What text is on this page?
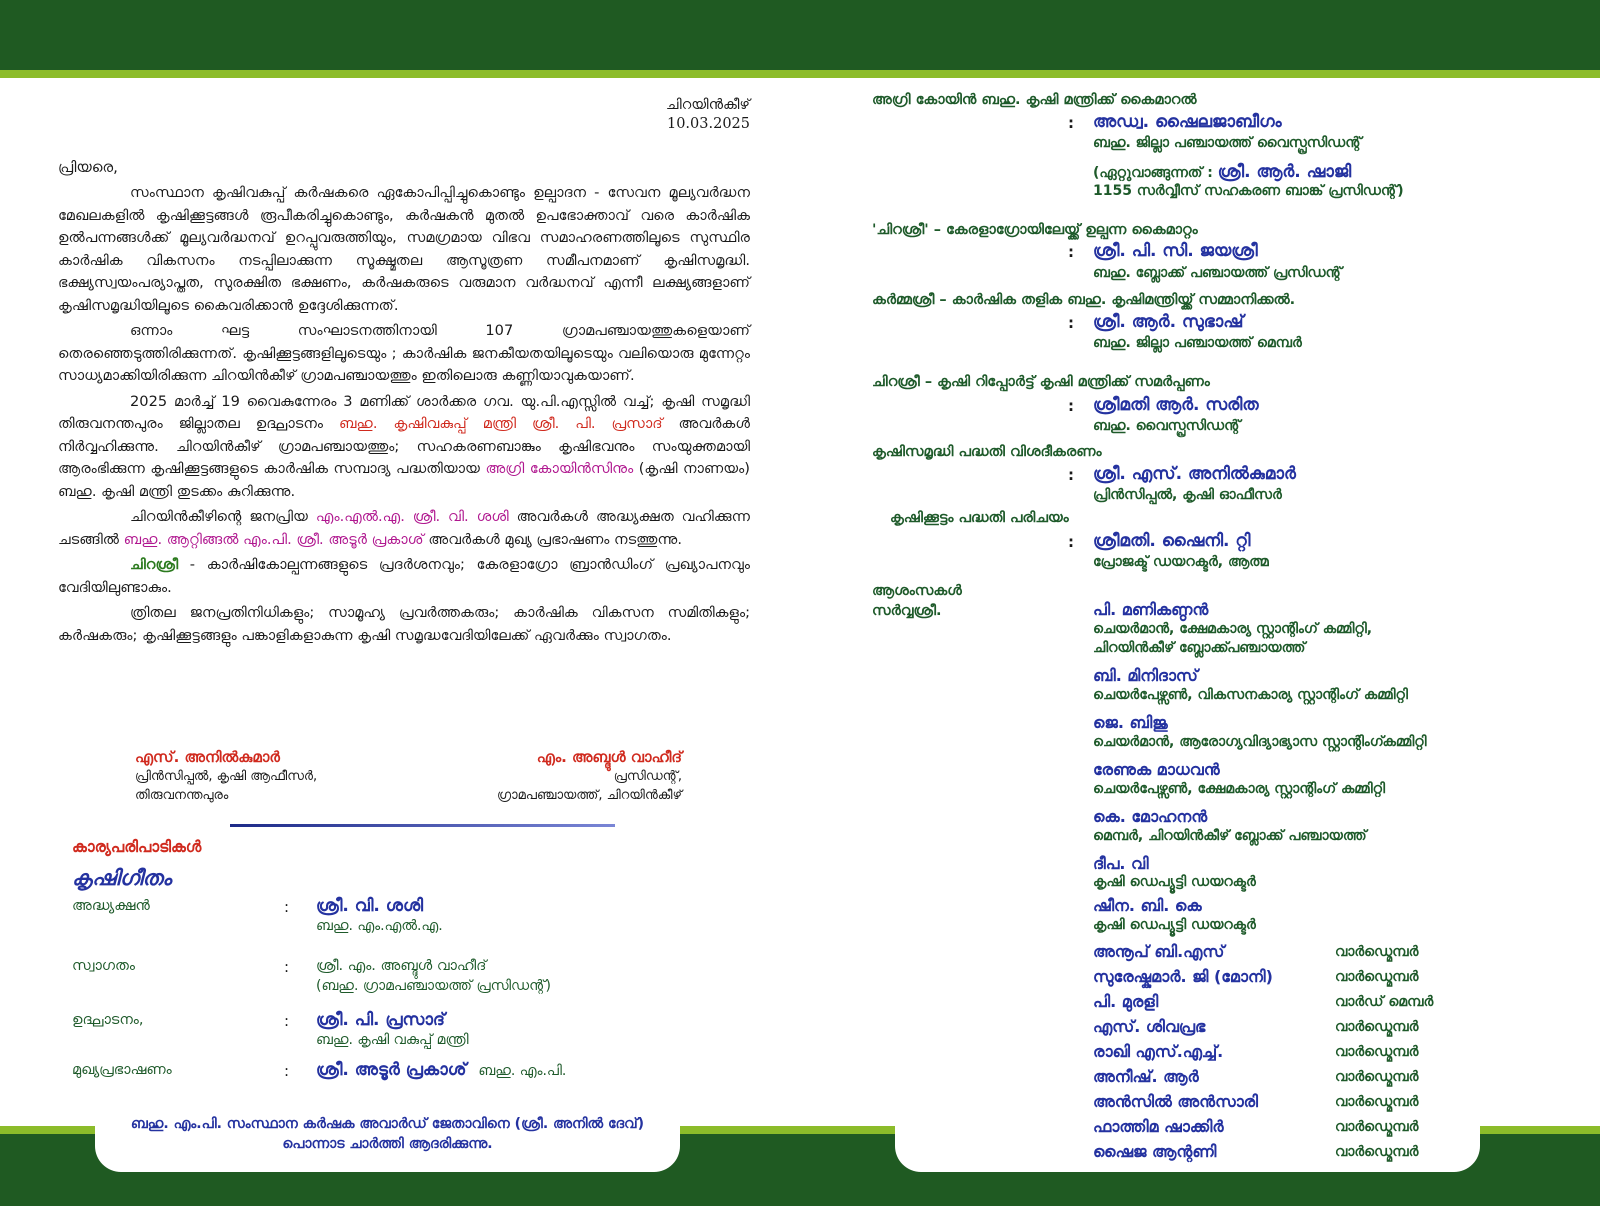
ചിറയിൻകീഴ്
10.03.2025
പ്രിയരെ,

സംസ്ഥാന കൃഷിവകുപ്പ് കർഷകരെ ഏകോപിപ്പിച്ചുകൊണ്ടും ഉല്പാദന - സേവന മൂല്യവർദ്ധന മേഖലകളിൽ കൃഷിക്കൂട്ടങ്ങൾ രൂപീകരിച്ചുകൊണ്ടും, കർഷകൻ മുതൽ ഉപഭോക്താവ് വരെ കാർഷിക ഉൽപന്നങ്ങൾക്ക് മൂല്യവർദ്ധനവ് ഉറപ്പുവരുത്തിയും, സമഗ്രമായ വിഭവ സമാഹരണത്തിലൂടെ സുസ്ഥിര കാർഷിക വികസനം നടപ്പിലാക്കുന്ന സൂക്ഷ്മതല ആസൂത്രണ സമീപനമാണ് കൃഷിസമൃദ്ധി. ഭക്ഷ്യസ്വയംപര്യാപ്തത, സുരക്ഷിത ഭക്ഷണം, കർഷകരുടെ വരുമാന വർദ്ധനവ് എന്നീ ലക്ഷ്യങ്ങളാണ് കൃഷിസമൃദ്ധിയിലൂടെ കൈവരിക്കാൻ ഉദ്ദേശിക്കുന്നത്.

ഒന്നാം ഘട്ട സംഘാടനത്തിനായി 107 ഗ്രാമപഞ്ചായത്തുകളെയാണ് തെരഞ്ഞെടുത്തിരിക്കുന്നത്. കൃഷിക്കൂട്ടങ്ങളിലൂടെയും ; കാർഷിക ജനകീയതയിലൂടെയും വലിയൊരു മുന്നേറ്റം സാധ്യമാക്കിയിരിക്കുന്ന ചിറയിൻകീഴ് ഗ്രാമപഞ്ചായത്തും ഇതിലൊരു കണ്ണിയാവുകയാണ്.

2025 മാർച്ച് 19 വൈകുന്നേരം 3 മണിക്ക് ശാർക്കര ഗവ. യു.പി.എസ്സിൽ വച്ച്; കൃഷി സമൃദ്ധി തിരുവനന്തപുരം ജില്ലാതല ഉദ്ഘാടനം ബഹു. കൃഷിവകുപ്പ് മന്ത്രി ശ്രീ. പി. പ്രസാദ് അവർകൾ നിർവ്വഹിക്കുന്നു. ചിറയിൻകീഴ് ഗ്രാമപഞ്ചായത്തും; സഹകരണബാങ്കും കൃഷിഭവനും സംയുക്തമായി ആരംഭിക്കുന്ന കൃഷിക്കൂട്ടങ്ങളുടെ കാർഷിക സമ്പാദ്യ പദ്ധതിയായ അഗ്രി കോയിൻസിനും (കൃഷി നാണയം) ബഹു. കൃഷി മന്ത്രി തുടക്കം കുറിക്കുന്നു.

ചിറയിൻകീഴിന്റെ ജനപ്രിയ എം.എൽ.എ. ശ്രീ. വി. ശശി അവർകൾ അദ്ധ്യക്ഷത വഹിക്കുന്ന ചടങ്ങിൽ ബഹു. ആറ്റിങ്ങൽ എം.പി. ശ്രീ. അടൂർ പ്രകാശ് അവർകൾ മുഖ്യ പ്രഭാഷണം നടത്തുന്നു.

ചിറശ്രീ - കാർഷികോല്പന്നങ്ങളുടെ പ്രദർശനവും; കേരളാഗ്രോ ബ്രാൻഡിംഗ് പ്രഖ്യാപനവും വേദിയിലുണ്ടാകും.

ത്രിതല ജനപ്രതിനിധികളും; സാമൂഹ്യ പ്രവർത്തകരും; കാർഷിക വികസന സമിതികളും; കർഷകരും; കൃഷിക്കൂട്ടങ്ങളും പങ്കാളികളാകുന്ന കൃഷി സമൃദ്ധവേദിയിലേക്ക് ഏവർക്കും സ്വാഗതം.

എസ്. അനിൽകുമാർ
പ്രിൻസിപ്പൽ, കൃഷി ആഫീസർ,
തിരുവനന്തപുരം
എം. അബ്ദുൾ വാഹീദ്
പ്രസിഡന്റ്,
ഗ്രാമപഞ്ചായത്ത്, ചിറയിൻകീഴ്
കാര്യപരിപാടികൾ
കൃഷിഗീതം
അദ്ധ്യക്ഷൻ	: ശ്രീ. വി. ശശി
ബഹു. എം.എൽ.എ.
സ്വാഗതം	: ശ്രീ. എം. അബ്ദുൾ വാഹീദ്
(ബഹു. ഗ്രാമപഞ്ചായത്ത് പ്രസിഡന്റ്)
ഉദ്ഘാടനം,	: ശ്രീ. പി. പ്രസാദ്
ബഹു. കൃഷി വകുപ്പ് മന്ത്രി
മുഖ്യപ്രഭാഷണം	: ശ്രീ. അടൂർ പ്രകാശ് ബഹു. എം.പി.
ബഹു. എം.പി. സംസ്ഥാന കർഷക അവാർഡ് ജേതാവിനെ (ശ്രീ. അനിൽ ദേവ്)
പൊന്നാട ചാർത്തി ആദരിക്കുന്നു.
അഗ്രി കോയിൻ ബഹു. കൃഷി മന്ത്രിക്ക് കൈമാറൽ
: അഡ്വ. ഷൈലജാബീഗം
ബഹു. ജില്ലാ പഞ്ചായത്ത് വൈസ്പ്രസിഡന്റ്
(ഏറ്റുവാങ്ങുന്നത് : ശ്രീ. ആർ. ഷാജി
1155 സർവ്വീസ് സഹകരണ ബാങ്ക് പ്രസിഡന്റ്)
'ചിറശ്രീ' – കേരളാഗ്രോയിലേയ്ക്ക് ഉല്പന്ന കൈമാറ്റം
: ശ്രീ. പി. സി. ജയശ്രീ
ബഹു. ബ്ലോക്ക് പഞ്ചായത്ത് പ്രസിഡന്റ്
കർമ്മശ്രീ – കാർഷിക തളിക ബഹു. കൃഷിമന്ത്രിയ്ക്ക് സമ്മാനിക്കൽ.
: ശ്രീ. ആർ. സുഭാഷ്
ബഹു. ജില്ലാ പഞ്ചായത്ത് മെമ്പർ
ചിറശ്രീ – കൃഷി റിപ്പോർട്ട് കൃഷി മന്ത്രിക്ക് സമർപ്പണം
: ശ്രീമതി ആർ. സരിത
ബഹു. വൈസ്പ്രസിഡന്റ്
കൃഷിസമൃദ്ധി പദ്ധതി വിശദീകരണം
: ശ്രീ. എസ്. അനിൽകുമാർ
പ്രിൻസിപ്പൽ, കൃഷി ഓഫീസർ
കൃഷിക്കൂട്ടം പദ്ധതി പരിചയം
: ശ്രീമതി. ഷൈനി. റ്റി
പ്രോജക്ട് ഡയറക്ടർ, ആത്മ
ആശംസകൾ
സർവ്വശ്രീ.	പി. മണികണ്ഠൻ
ചെയർമാൻ, ക്ഷേമകാര്യ സ്റ്റാന്റിംഗ് കമ്മിറ്റി,
ചിറയിൻകീഴ് ബ്ലോക്ക്പഞ്ചായത്ത്
ബി. മിനിദാസ്
ചെയർപേഴ്സൺ, വികസനകാര്യ സ്റ്റാന്റിംഗ് കമ്മിറ്റി
ജെ. ബിജു
ചെയർമാൻ, ആരോഗ്യവിദ്യാഭ്യാസ സ്റ്റാന്റിംഗ്കമ്മിറ്റി
രേണുക മാധവൻ
ചെയർപേഴ്സൺ, ക്ഷേമകാര്യ സ്റ്റാന്റിംഗ് കമ്മിറ്റി
കെ. മോഹനൻ
മെമ്പർ, ചിറയിൻകീഴ് ബ്ലോക്ക് പഞ്ചായത്ത്
ദീപ. വി
കൃഷി ഡെപ്യൂട്ടി ഡയറക്ടർ
ഷീന. ബി. കെ
കൃഷി ഡെപ്യൂട്ടി ഡയറക്ടർ
അനൂപ് ബി.എസ്	വാർഡ്മെമ്പർ
സുരേഷ്കുമാർ. ജി (മോനി)	വാർഡ്മെമ്പർ
പി. മുരളി	വാർഡ് മെമ്പർ
എസ്. ശിവപ്രഭ	വാർഡ്മെമ്പർ
രാഖി എസ്.എച്ച്.	വാർഡ്മെമ്പർ
അനീഷ്. ആർ	വാർഡ്മെമ്പർ
അൻസിൽ അൻസാരി	വാർഡ്മെമ്പർ
ഫാത്തിമ ഷാക്കിർ	വാർഡ്മെമ്പർ
ഷൈജ ആന്റണി	വാർഡ്മെമ്പർ
